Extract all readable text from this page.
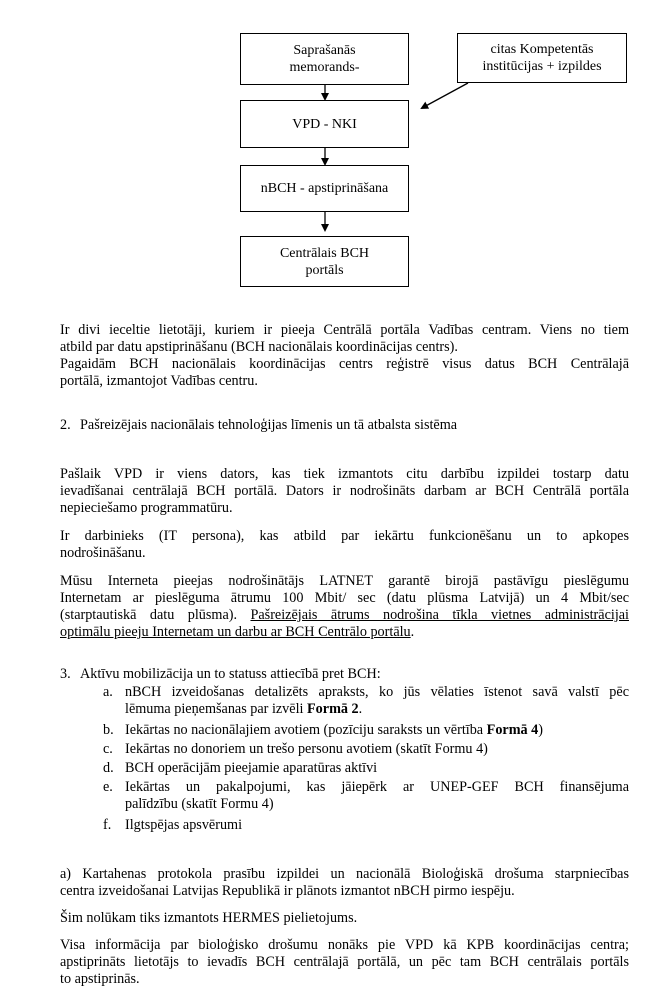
Saprašanās
memorands-
citas Kompetentās
institūcijas + izpildes
VPD - NKI
nBCH - apstiprināšana
Centrālais BCH
portāls
Ir divi ieceltie lietotāji, kuriem ir pieeja Centrālā portāla Vadības centram. Viens no tiem
atbild par datu apstiprināšanu (BCH nacionālais koordinācijas centrs).
Pagaidām BCH nacionālais koordinācijas centrs reģistrē visus datus BCH Centrālajā
portālā, izmantojot Vadības centru.
2. Pašreizējais nacionālais tehnoloģijas līmenis un tā atbalsta sistēma
Pašlaik VPD ir viens dators, kas tiek izmantots citu darbību izpildei tostarp datu
ievadīšanai centrālajā BCH portālā. Dators ir nodrošināts darbam ar BCH Centrālā portāla
nepieciešamo programmatūru.
Ir darbinieks (IT persona), kas atbild par iekārtu funkcionēšanu un to apkopes
nodrošināšanu.
Mūsu Interneta pieejas nodrošinātājs LATNET garantē birojā pastāvīgu pieslēgumu
Internetam ar pieslēguma ātrumu 100 Mbit/ sec (datu plūsma Latvijā) un 4 Mbit/sec
(starptautiskā datu plūsma). Pašreizējais ātrums nodrošina tīkla vietnes administrācijai
optimālu pieeju Internetam un darbu ar BCH Centrālo portālu.
3. Aktīvu mobilizācija un to statuss attiecībā pret BCH:
a. nBCH izveidošanas detalizēts apraksts, ko jūs vēlaties īstenot savā valstī pēc
lēmuma pieņemšanas par izvēli Formā 2.
b. Iekārtas no nacionālajiem avotiem (pozīciju saraksts un vērtība Formā 4)
c. Iekārtas no donoriem un trešo personu avotiem (skatīt Formu 4)
d. BCH operācijām pieejamie aparatūras aktīvi
e. Iekārtas un pakalpojumi, kas jāiepērk ar UNEP-GEF BCH finansējuma
palīdzību (skatīt Formu 4)
f. Ilgtspējas apsvērumi
a) Kartahenas protokola prasību izpildei un nacionālā Bioloģiskā drošuma starpniecības
centra izveidošanai Latvijas Republikā ir plānots izmantot nBCH pirmo iespēju.
Šim nolūkam tiks izmantots HERMES pielietojums.
Visa informācija par bioloģisko drošumu nonāks pie VPD kā KPB koordinācijas centra;
apstiprināts lietotājs to ievadīs BCH centrālajā portālā, un pēc tam BCH centrālais portāls
to apstiprinās.
